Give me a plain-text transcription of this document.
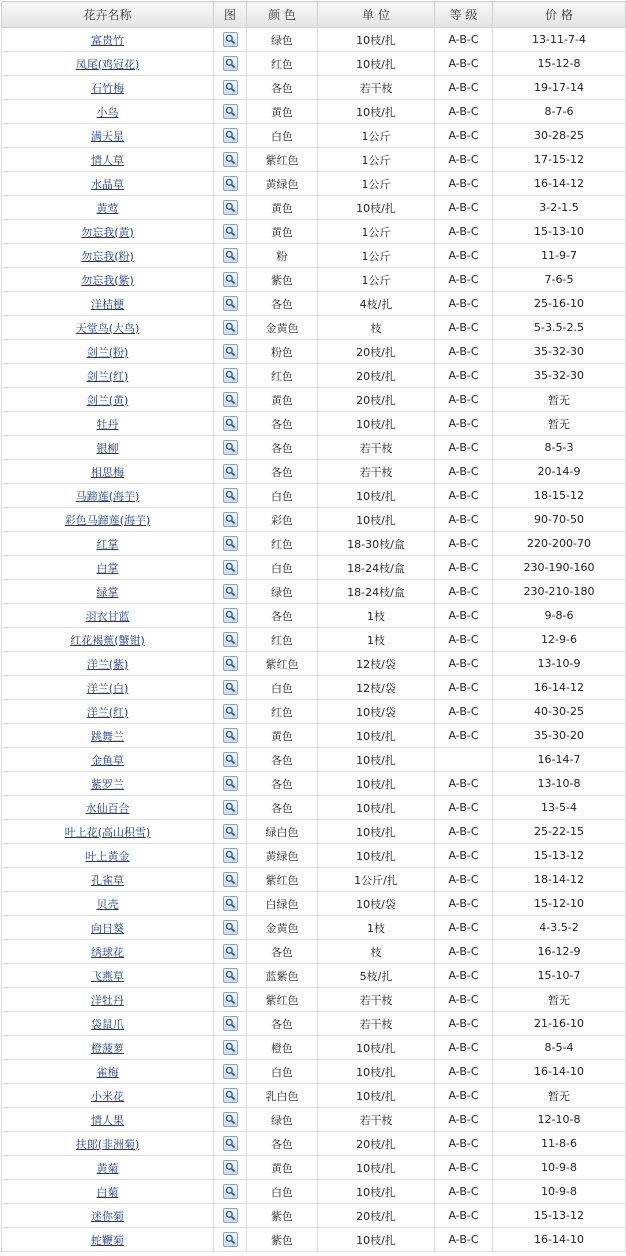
花卉名称	图	颜 色	单 位	等 级	价 格
富贵竹		绿色	10枝/扎	A-B-C	13-11-7-4
凤尾(鸡冠花)		红色	10枝/扎	A-B-C	15-12-8
石竹梅		各色	若干枝	A-B-C	19-17-14
小鸟		黄色	10枝/扎	A-B-C	8-7-6
满天星		白色	1公斤	A-B-C	30-28-25
情人草		紫红色	1公斤	A-B-C	17-15-12
水晶草		黄绿色	1公斤	A-B-C	16-14-12
黄莺		黄色	10枝/扎	A-B-C	3-2-1.5
勿忘我(黄)		黄色	1公斤	A-B-C	15-13-10
勿忘我(粉)		粉	1公斤	A-B-C	11-9-7
勿忘我(紫)		紫色	1公斤	A-B-C	7-6-5
洋桔梗		各色	4枝/扎	A-B-C	25-16-10
天堂鸟(大鸟)		金黄色	枝	A-B-C	5-3.5-2.5
剑兰(粉)		粉色	20枝/扎	A-B-C	35-32-30
剑兰(红)		红色	20枝/扎	A-B-C	35-32-30
剑兰(黄)		黄色	20枝/扎	A-B-C	暂无
牡丹		各色	10枝/扎	A-B-C	暂无
银柳		各色	若干枝	A-B-C	8-5-3
相思梅		各色	若干枝	A-B-C	20-14-9
马蹄莲(海芋)		白色	10枝/扎	A-B-C	18-15-12
彩色马蹄莲(海芋)		彩色	10枝/扎	A-B-C	90-70-50
红掌		红色	18-30枝/盒	A-B-C	220-200-70
白掌		白色	18-24枝/盒	A-B-C	230-190-160
绿掌		绿色	18-24枝/盒	A-B-C	230-210-180
羽衣甘蓝		各色	1枝	A-B-C	9-8-6
红花褐蕉(蟹钳)		红色	1枝	A-B-C	12-9-6
洋兰(紫)		紫红色	12枝/袋	A-B-C	13-10-9
洋兰(白)		白色	12枝/袋	A-B-C	16-14-12
洋兰(红)		红色	10枝/袋	A-B-C	40-30-25
跳舞兰		黄色	10枝/扎	A-B-C	35-30-20
金鱼草		各色	10枝/扎		16-14-7
紫罗兰		各色	10枝/扎	A-B-C	13-10-8
水仙百合		各色	10枝/扎	A-B-C	13-5-4
叶上花(高山积雪)		绿白色	10枝/扎	A-B-C	25-22-15
叶上黄金		黄绿色	10枝/扎	A-B-C	15-13-12
孔雀草		紫红色	1公斤/扎	A-B-C	18-14-12
贝壳		白绿色	10枝/袋	A-B-C	15-12-10
向日葵		金黄色	1枝	A-B-C	4-3.5-2
绣球花		各色	枝	A-B-C	16-12-9
飞燕草		蓝紫色	5枝/扎	A-B-C	15-10-7
洋牡丹		紫红色	若干枝	A-B-C	暂无
袋鼠爪		各色	若干枝	A-B-C	21-16-10
橙菠萝		橙色	10枝/扎	A-B-C	8-5-4
雀梅		白色	10枝/扎	A-B-C	16-14-10
小米花		乳白色	10枝/扎	A-B-C	暂无
情人果		绿色	若干枝	A-B-C	12-10-8
扶郎(非洲菊)		各色	20枝/扎	A-B-C	11-8-6
黄菊		黄色	10枝/扎	A-B-C	10-9-8
白菊		白色	10枝/扎	A-B-C	10-9-8
迷你菊		紫色	20枝/扎	A-B-C	15-13-12
蛇鞭菊		紫色	10枝/扎	A-B-C	16-14-10
